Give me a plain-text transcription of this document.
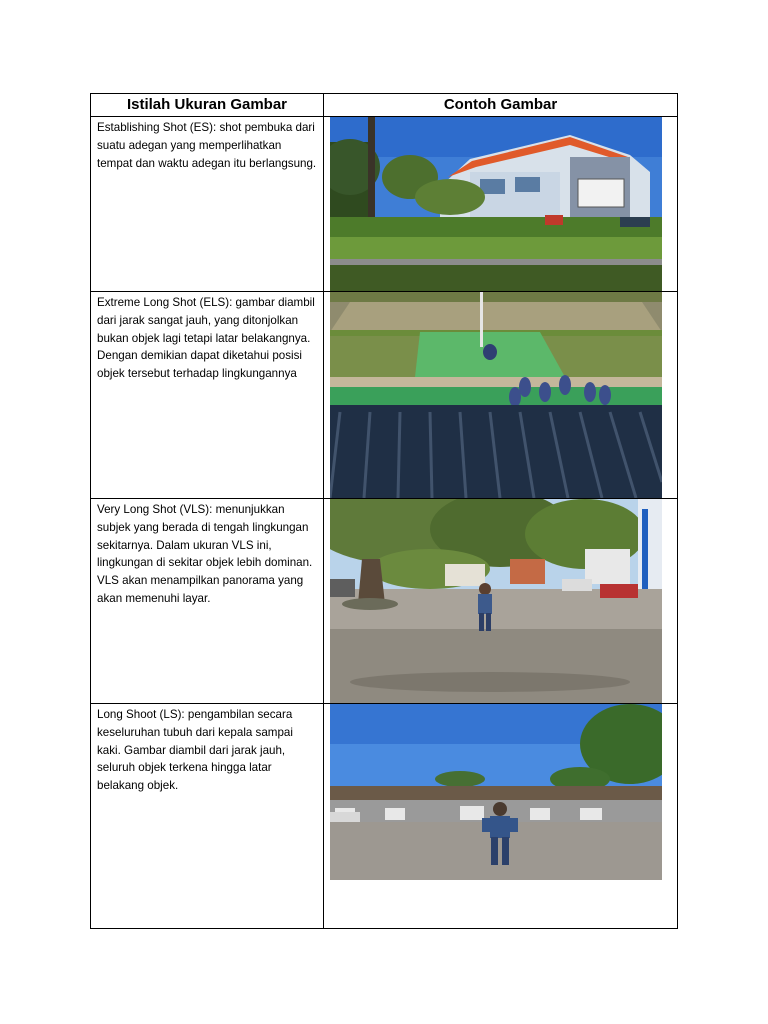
Istilah Ukuran Gambar	Contoh Gambar
Establishing Shot (ES): shot pembuka dari suatu adegan yang memperlihatkan tempat dan waktu adegan itu berlangsung.
Extreme Long Shot (ELS): gambar diambil dari jarak sangat jauh, yang ditonjolkan bukan objek lagi tetapi latar belakangnya. Dengan demikian dapat diketahui posisi objek tersebut terhadap lingkungannya
Very Long Shot (VLS): menunjukkan subjek yang berada di tengah lingkungan sekitarnya. Dalam ukuran VLS ini, lingkungan di sekitar objek lebih dominan. VLS akan menampilkan panorama yang akan memenuhi layar.
Long Shoot (LS): pengambilan secara keseluruhan tubuh dari kepala sampai kaki. Gambar diambil dari jarak jauh, seluruh objek terkena hingga latar belakang objek.
